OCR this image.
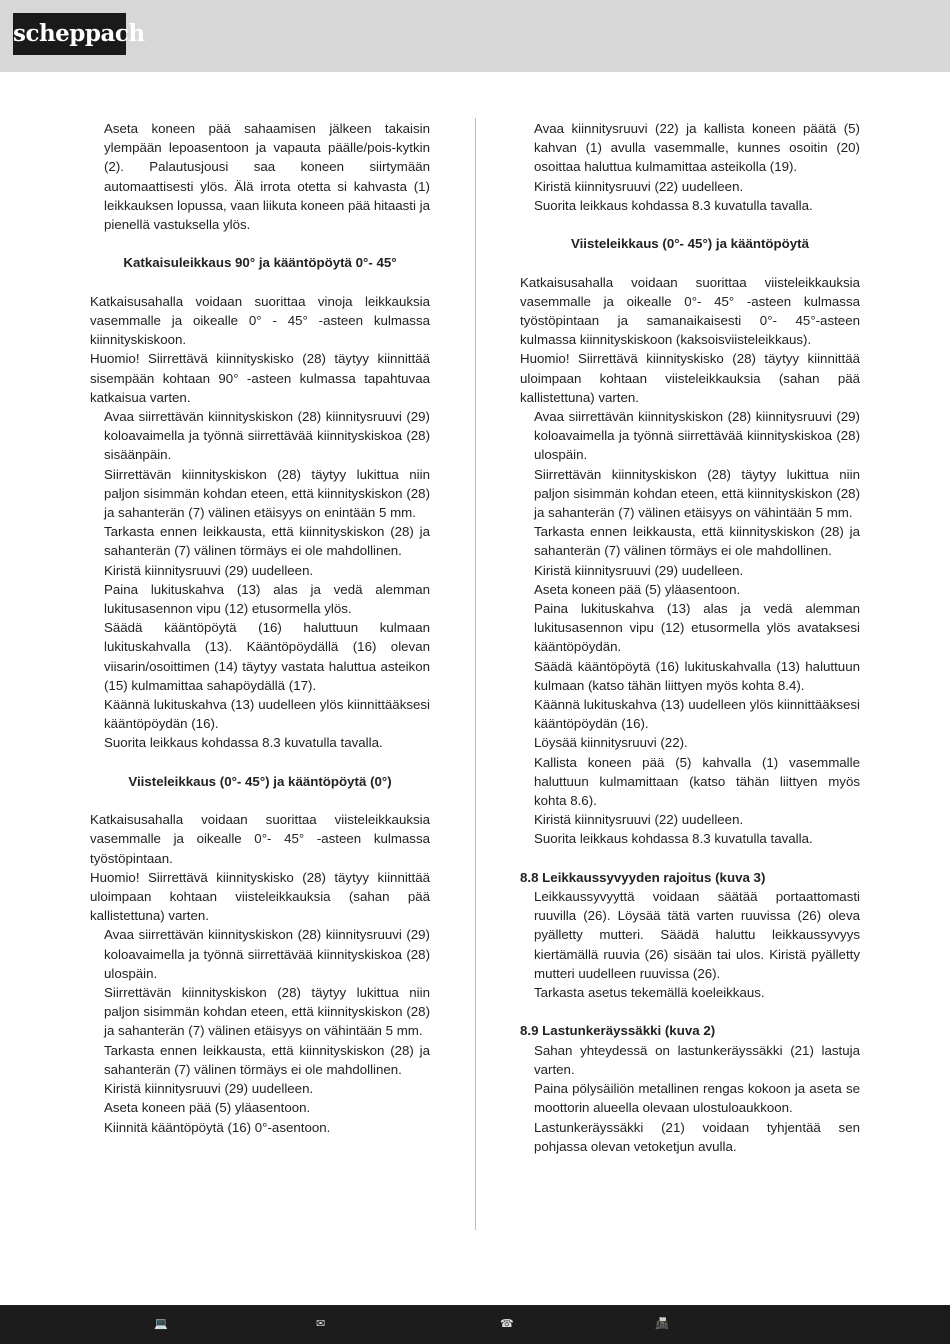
scheppach
Aseta koneen pää sahaamisen jälkeen takaisin ylempään lepoasentoon ja vapauta päälle/pois-kytkin (2). Palautusjousi saa koneen siirtymään automaattisesti ylös. Älä irrota otetta si kahvasta (1) leikkauksen lopussa, vaan liikuta koneen pää hitaasti ja pienellä vastuksella ylös.
Katkaisuleikkaus 90° ja kääntöpöytä 0°- 45°
Katkaisusahalla voidaan suorittaa vinoja leikkauksia vasemmalle ja oikealle 0° - 45° -asteen kulmassa kiinnityskiskoon.
Huomio! Siirrettävä kiinnityskisko (28) täytyy kiinnittää sisempään kohtaan 90° -asteen kulmassa tapahtuvaa katkaisua varten.
Avaa siirrettävän kiinnityskiskon (28) kiinnitysruuvi (29) koloavaimella ja työnnä siirrettävää kiinnityskiskoa (28) sisäänpäin.
Siirrettävän kiinnityskiskon (28) täytyy lukittua niin paljon sisimmän kohdan eteen, että kiinnityskiskon (28) ja sahanterän (7) välinen etäisyys on enintään 5 mm.
Tarkasta ennen leikkausta, että kiinnityskiskon (28) ja sahanterän (7) välinen törmäys ei ole mahdollinen.
Kiristä kiinnitysruuvi (29) uudelleen.
Paina lukituskahva (13) alas ja vedä alemman lukitusasennon vipu (12) etusormella ylös.
Säädä kääntöpöytä (16) haluttuun kulmaan lukituskahvalla (13). Kääntöpöydällä (16) olevan viisarin/osoittimen (14) täytyy vastata haluttua asteikon (15) kulmamittaa sahapöydällä (17).
Käännä lukituskahva (13) uudelleen ylös kiinnittääksesi kääntöpöydän (16).
Suorita leikkaus kohdassa 8.3 kuvatulla tavalla.
Viisteleikkaus (0°- 45°) ja kääntöpöytä (0°)
Katkaisusahalla voidaan suorittaa viisteleikkauksia vasemmalle ja oikealle 0°- 45° -asteen kulmassa työstöpintaan.
Huomio! Siirrettävä kiinnityskisko (28) täytyy kiinnittää uloimpaan kohtaan viisteleikkauksia (sahan pää kallistettuna) varten.
Avaa siirrettävän kiinnityskiskon (28) kiinnitysruuvi (29) koloavaimella ja työnnä siirrettävää kiinnityskiskoa (28) ulospäin.
Siirrettävän kiinnityskiskon (28) täytyy lukittua niin paljon sisimmän kohdan eteen, että kiinnityskiskon (28) ja sahanterän (7) välinen etäisyys on vähintään 5 mm.
Tarkasta ennen leikkausta, että kiinnityskiskon (28) ja sahanterän (7) välinen törmäys ei ole mahdollinen.
Kiristä kiinnitysruuvi (29) uudelleen.
Aseta koneen pää (5) yläasentoon.
Kiinnitä kääntöpöytä (16) 0°-asentoon.
Avaa kiinnitysruuvi (22) ja kallista koneen päätä (5) kahvan (1) avulla vasemmalle, kunnes osoitin (20) osoittaa haluttua kulmamittaa asteikolla (19).
Kiristä kiinnitysruuvi (22) uudelleen.
Suorita leikkaus kohdassa 8.3 kuvatulla tavalla.
Viisteleikkaus (0°- 45°) ja kääntöpöytä
Katkaisusahalla voidaan suorittaa viisteleikkauksia vasemmalle ja oikealle 0°- 45° -asteen kulmassa työstöpintaan ja samanaikaisesti 0°- 45°-asteen kulmassa kiinnityskiskoon (kaksoisviisteleikkaus).
Huomio! Siirrettävä kiinnityskisko (28) täytyy kiinnittää uloimpaan kohtaan viisteleikkauksia (sahan pää kallistettuna) varten.
Avaa siirrettävän kiinnityskiskon (28) kiinnitysruuvi (29) koloavaimella ja työnnä siirrettävää kiinnityskiskoa (28) ulospäin.
Siirrettävän kiinnityskiskon (28) täytyy lukittua niin paljon sisimmän kohdan eteen, että kiinnityskiskon (28) ja sahanterän (7) välinen etäisyys on vähintään 5 mm.
Tarkasta ennen leikkausta, että kiinnityskiskon (28) ja sahanterän (7) välinen törmäys ei ole mahdollinen.
Kiristä kiinnitysruuvi (29) uudelleen.
Aseta koneen pää (5) yläasentoon.
Paina lukituskahva (13) alas ja vedä alemman lukitusasennon vipu (12) etusormella ylös avataksesi kääntöpöydän.
Säädä kääntöpöytä (16) lukituskahvalla (13) haluttuun kulmaan (katso tähän liittyen myös kohta 8.4).
Käännä lukituskahva (13) uudelleen ylös kiinnittääksesi kääntöpöydän (16).
Löysää kiinnitysruuvi (22).
Kallista koneen pää (5) kahvalla (1) vasemmalle haluttuun kulmamittaan (katso tähän liittyen myös kohta 8.6).
Kiristä kiinnitysruuvi (22) uudelleen.
Suorita leikkaus kohdassa 8.3 kuvatulla tavalla.
8.8 Leikkaussyvyyden rajoitus (kuva 3)
Leikkaussyvyyttä voidaan säätää portaattomasti ruuvilla (26). Löysää tätä varten ruuvissa (26) oleva pyälletty mutteri. Säädä haluttu leikkaussyvyys kiertämällä ruuvia (26) sisään tai ulos. Kiristä pyälletty mutteri uudelleen ruuvissa (26).
Tarkasta asetus tekemällä koeleikkaus.
8.9 Lastunkeräyssäkki (kuva 2)
Sahan yhteydessä on lastunkeräyssäkki (21) lastuja varten.
Paina pölysäiliön metallinen rengas kokoon ja aseta se moottorin alueella olevaan ulostuloaukkoon.
Lastunkeräyssäkki (21) voidaan tyhjentää sen pohjassa olevan vetoketjun avulla.
💻	✉	☎	📠
